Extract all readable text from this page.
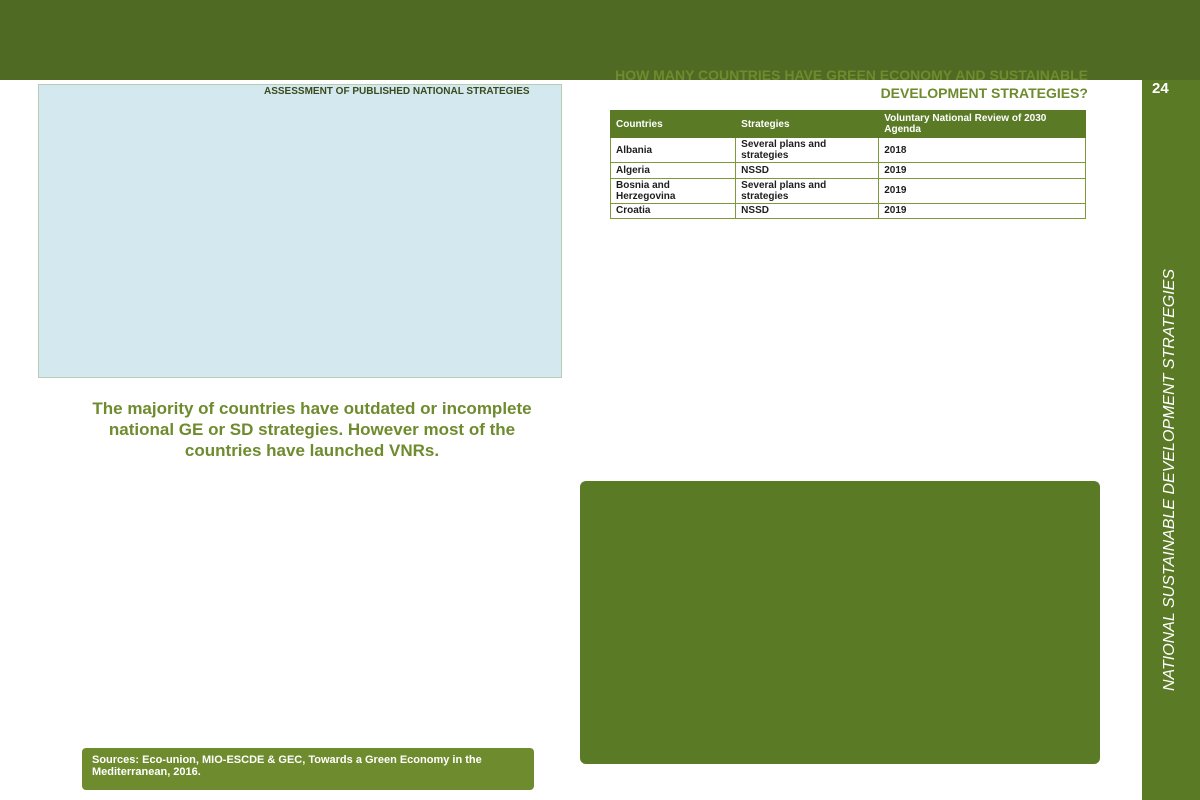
24
NATIONAL SUSTAINABLE DEVELOPMENT STRATEGIES
ASSESSMENT OF PUBLISHED NATIONAL STRATEGIES
The majority of countries have outdated or incomplete national GE or SD strategies. However most of the countries have launched VNRs.
HOW MANY COUNTRIES HAVE GREEN ECONOMY AND SUSTAINABLE DEVELOPMENT STRATEGIES?
Countries	Strategies	Voluntary National Review of 2030 Agenda
Albania	Several plans and strategies	2018
Algeria	NSSD	2019
Bosnia and Herzegovina	Several plans and strategies	2019
Croatia	NSSD	2019
Sources: Eco-union, MIO-ESCDE & GEC, Towards a Green Economy in the Mediterranean, 2016.
